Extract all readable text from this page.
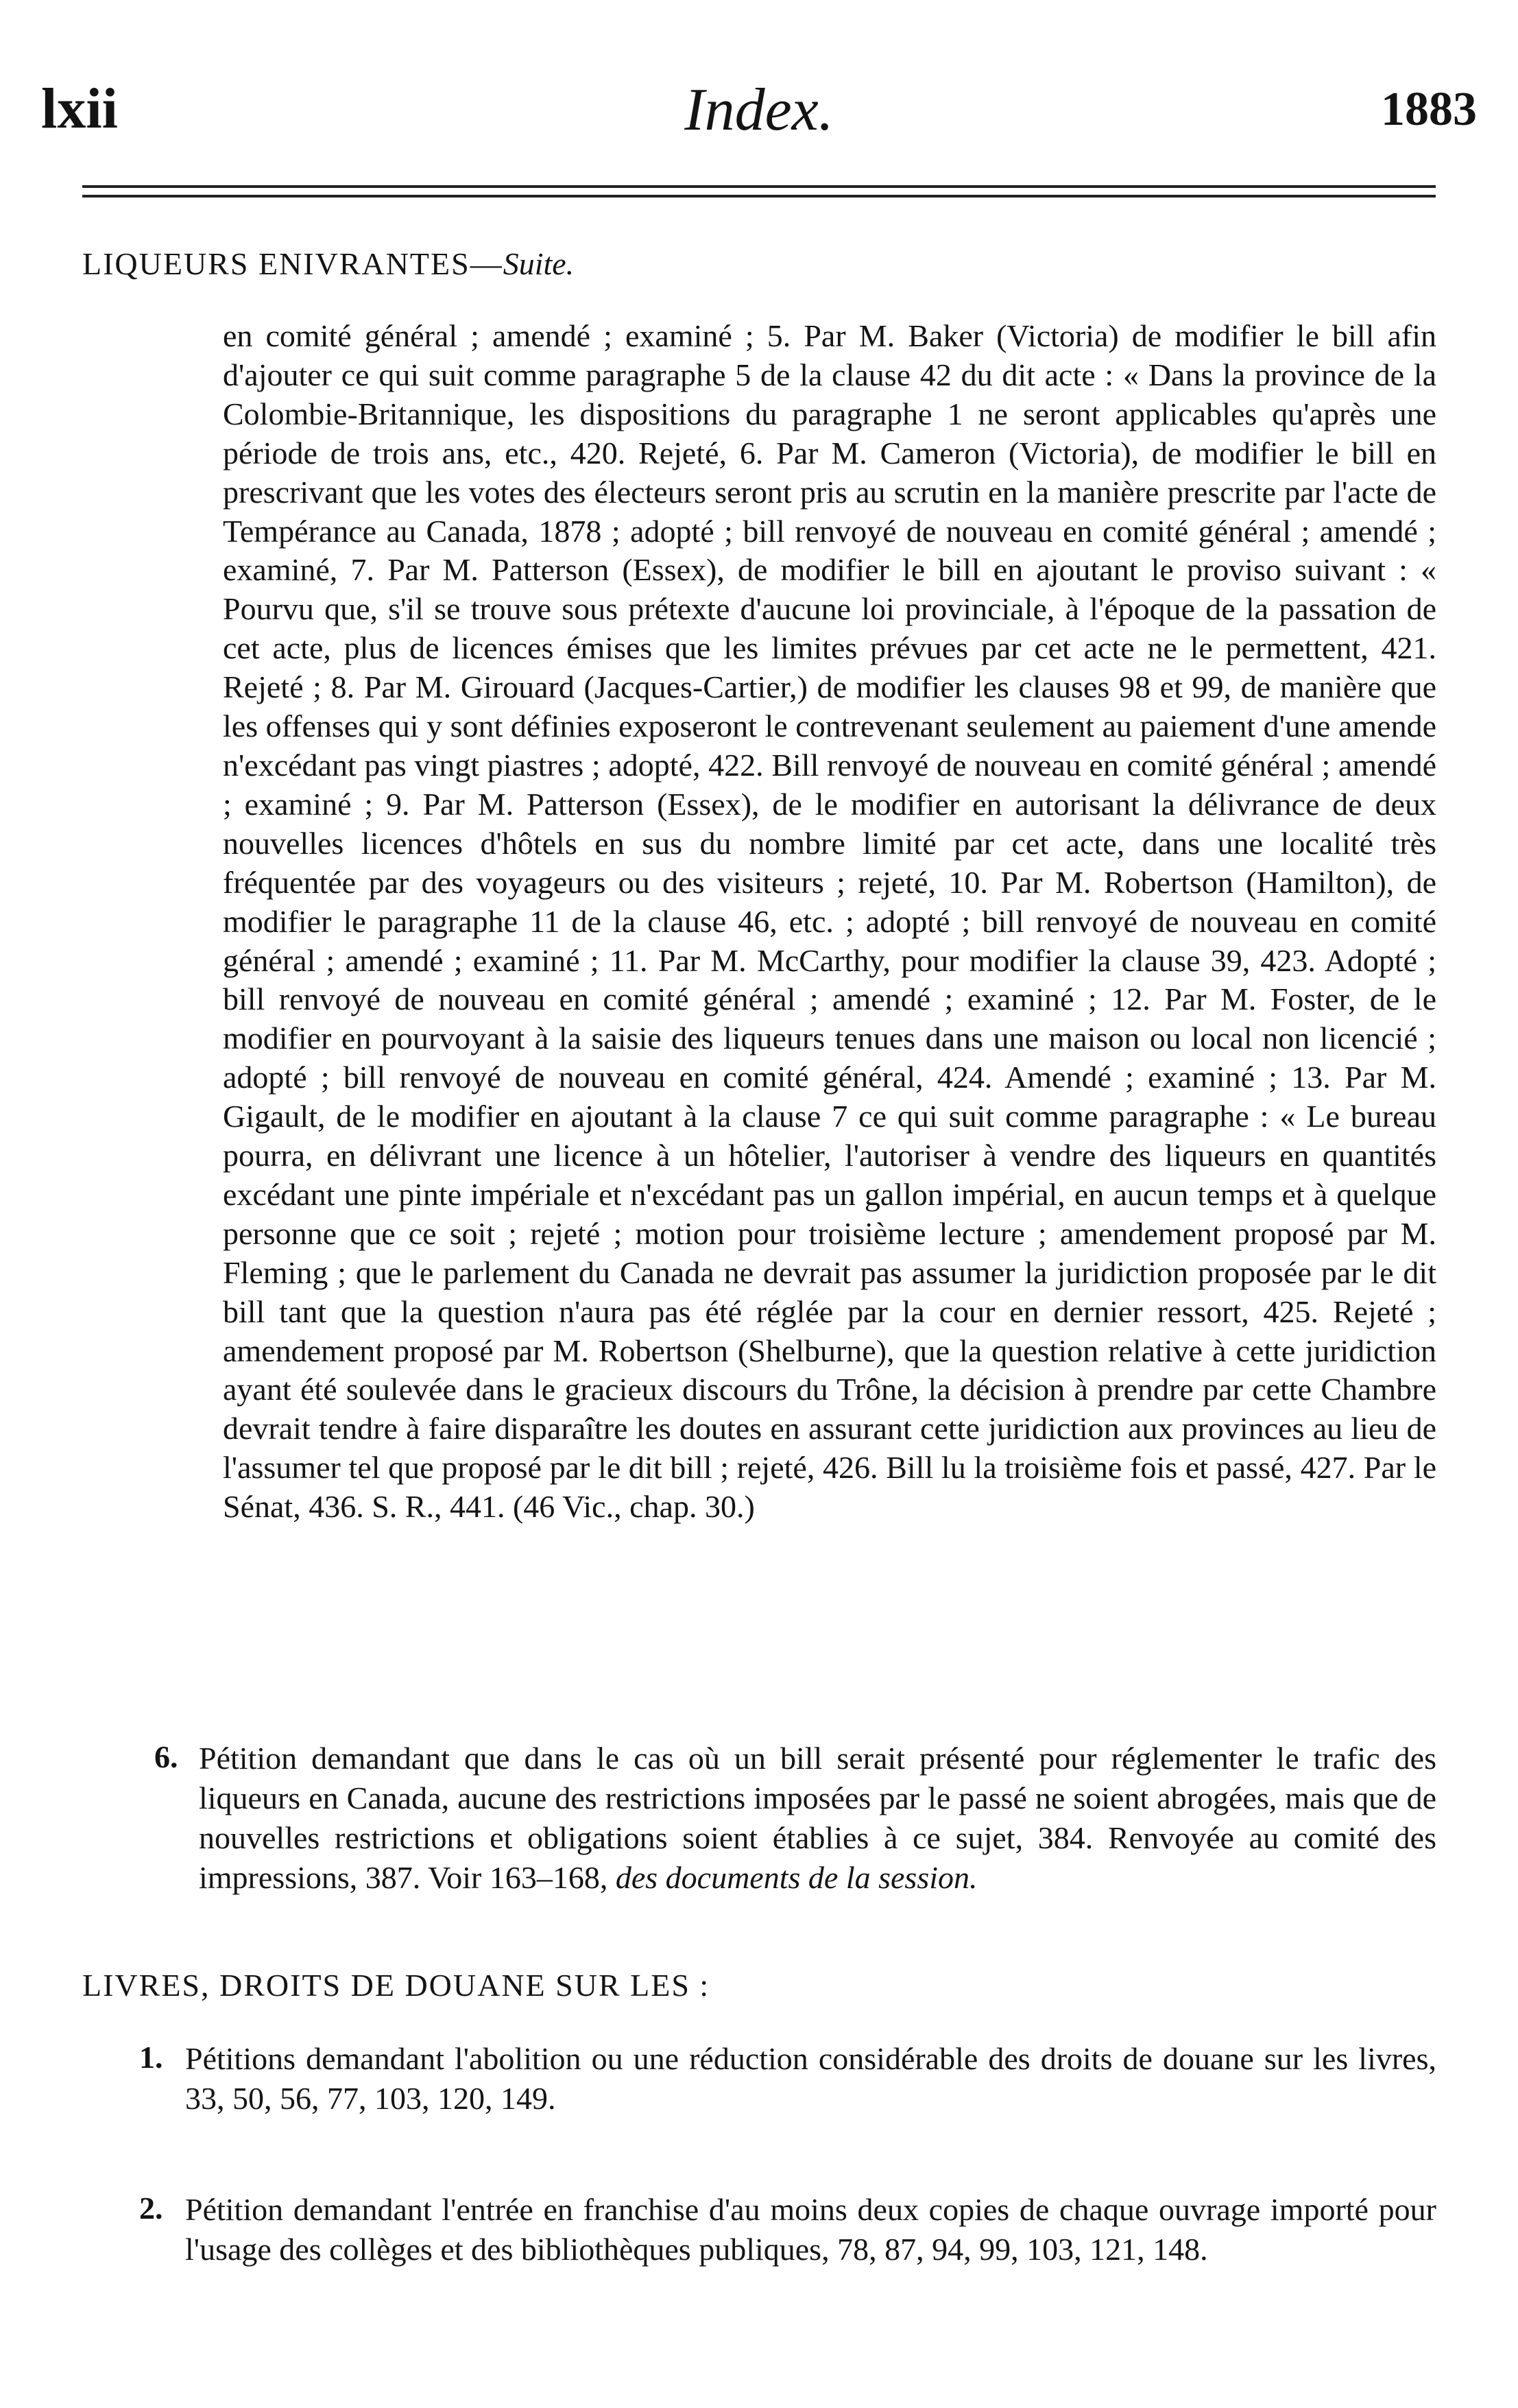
lxii	Index.	1883
LIQUEURS ENIVRANTES—Suite.
en comité général ; amendé ; examiné ; 5. Par M. Baker (Victoria) de modifier le bill afin d'ajouter ce qui suit comme paragraphe 5 de la clause 42 du dit acte : « Dans la province de la Colombie-Britannique, les dispositions du paragraphe 1 ne seront applicables qu'après une période de trois ans, etc., 420. Rejeté, 6. Par M. Cameron (Victoria), de modifier le bill en prescrivant que les votes des électeurs seront pris au scrutin en la manière prescrite par l'acte de Tempérance au Canada, 1878 ; adopté ; bill renvoyé de nouveau en comité général ; amendé ; examiné, 7. Par M. Patterson (Essex), de modifier le bill en ajoutant le proviso suivant : « Pourvu que, s'il se trouve sous prétexte d'aucune loi provinciale, à l'époque de la passation de cet acte, plus de licences émises que les limites prévues par cet acte ne le permettent, 421. Rejeté ; 8. Par M. Girouard (Jacques-Cartier,) de modifier les clauses 98 et 99, de manière que les offenses qui y sont définies exposeront le contrevenant seulement au paiement d'une amende n'excédant pas vingt piastres ; adopté, 422. Bill renvoyé de nouveau en comité général ; amendé ; examiné ; 9. Par M. Patterson (Essex), de le modifier en autorisant la délivrance de deux nouvelles licences d'hôtels en sus du nombre limité par cet acte, dans une localité très fréquentée par des voyageurs ou des visiteurs ; rejeté, 10. Par M. Robertson (Hamilton), de modifier le paragraphe 11 de la clause 46, etc. ; adopté ; bill renvoyé de nouveau en comité général ; amendé ; examiné ; 11. Par M. McCarthy, pour modifier la clause 39, 423. Adopté ; bill renvoyé de nouveau en comité général ; amendé ; examiné ; 12. Par M. Foster, de le modifier en pourvoyant à la saisie des liqueurs tenues dans une maison ou local non licencié ; adopté ; bill renvoyé de nouveau en comité général, 424. Amendé ; examiné ; 13. Par M. Gigault, de le modifier en ajoutant à la clause 7 ce qui suit comme paragraphe : « Le bureau pourra, en délivrant une licence à un hôtelier, l'autoriser à vendre des liqueurs en quantités excédant une pinte impériale et n'excédant pas un gallon impérial, en aucun temps et à quelque personne que ce soit ; rejeté ; motion pour troisième lecture ; amendement proposé par M. Fleming ; que le parlement du Canada ne devrait pas assumer la juridiction proposée par le dit bill tant que la question n'aura pas été réglée par la cour en dernier ressort, 425. Rejeté ; amendement proposé par M. Robertson (Shelburne), que la question relative à cette juridiction ayant été soulevée dans le gracieux discours du Trône, la décision à prendre par cette Chambre devrait tendre à faire disparaître les doutes en assurant cette juridiction aux provinces au lieu de l'assumer tel que proposé par le dit bill ; rejeté, 426. Bill lu la troisième fois et passé, 427. Par le Sénat, 436. S. R., 441. (46 Vic., chap. 30.)
6. Pétition demandant que dans le cas où un bill serait présenté pour réglementer le trafic des liqueurs en Canada, aucune des restrictions imposées par le passé ne soient abrogées, mais que de nouvelles restrictions et obligations soient établies à ce sujet, 384. Renvoyée au comité des impressions, 387. Voir 163–168, des documents de la session.
LIVRES, DROITS DE DOUANE SUR LES :
1. Pétitions demandant l'abolition ou une réduction considérable des droits de douane sur les livres, 33, 50, 56, 77, 103, 120, 149.
2. Pétition demandant l'entrée en franchise d'au moins deux copies de chaque ouvrage importé pour l'usage des collèges et des bibliothèques publiques, 78, 87, 94, 99, 103, 121, 148.
